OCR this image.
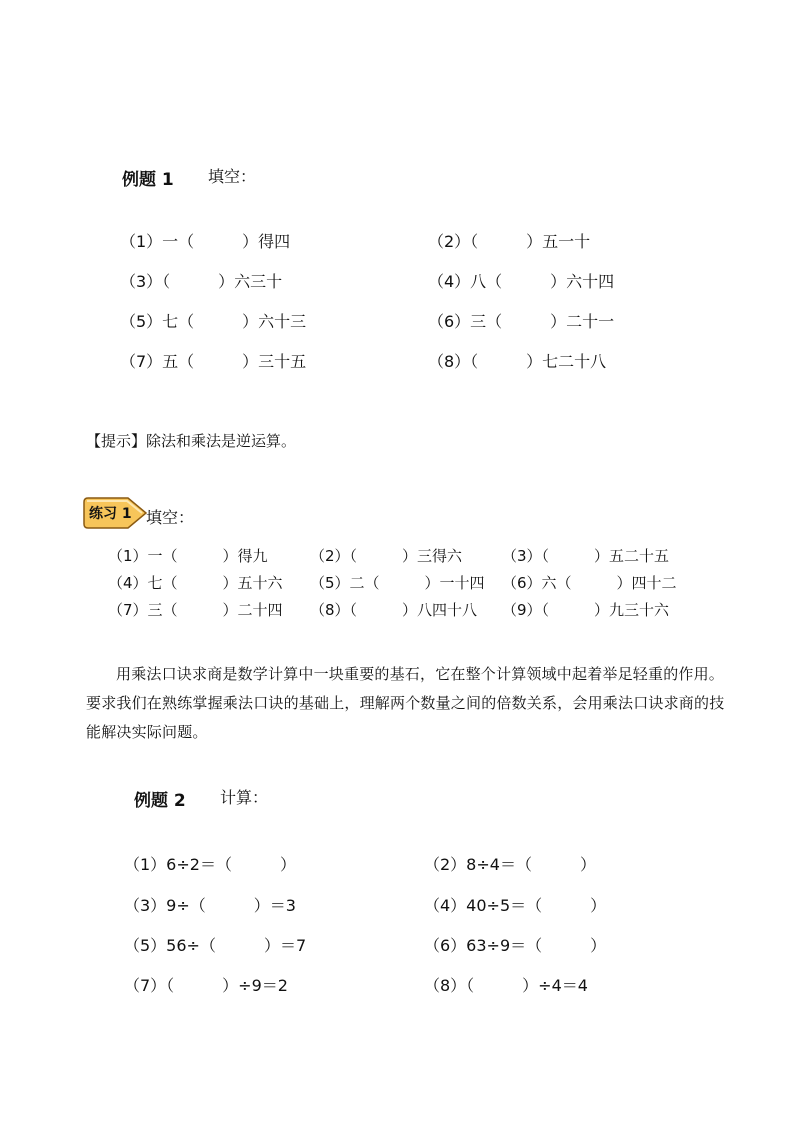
例题 1 填空：
（1）一（　　　）得四	（2）（　　　）五一十
（3）（　　　）六三十	（4）八（　　　）六十四
（5）七（　　　）六十三	（6）三（　　　）二十一
（7）五（　　　）三十五	（8）（　　　）七二十八
【提示】除法和乘法是逆运算。
练习 1 填空：
（1）一（　　　）得九	（2）（　　　）三得六	（3）（　　　）五二十五
（4）七（　　　）五十六 （5）二（　　　）一十四 （6）六（　　　）四十二
（7）三（　　　）二十四 （8）（　　　）八四十八 （9）（　　　）九三十六
用乘法口诀求商是数学计算中一块重要的基石，它在整个计算领域中起着举足轻重的作用。要求我们在熟练掌握乘法口诀的基础上，理解两个数量之间的倍数关系，会用乘法口诀求商的技能解决实际问题。
例题 2 计算：
（1）6÷2＝（　　　）	（2）8÷4＝（　　　）
（3）9÷（　　　）＝3	（4）40÷5＝（　　　）
（5）56÷（　　　）＝7	（6）63÷9＝（　　　）
（7）（　　　）÷9＝2	（8）（　　　）÷4＝4
